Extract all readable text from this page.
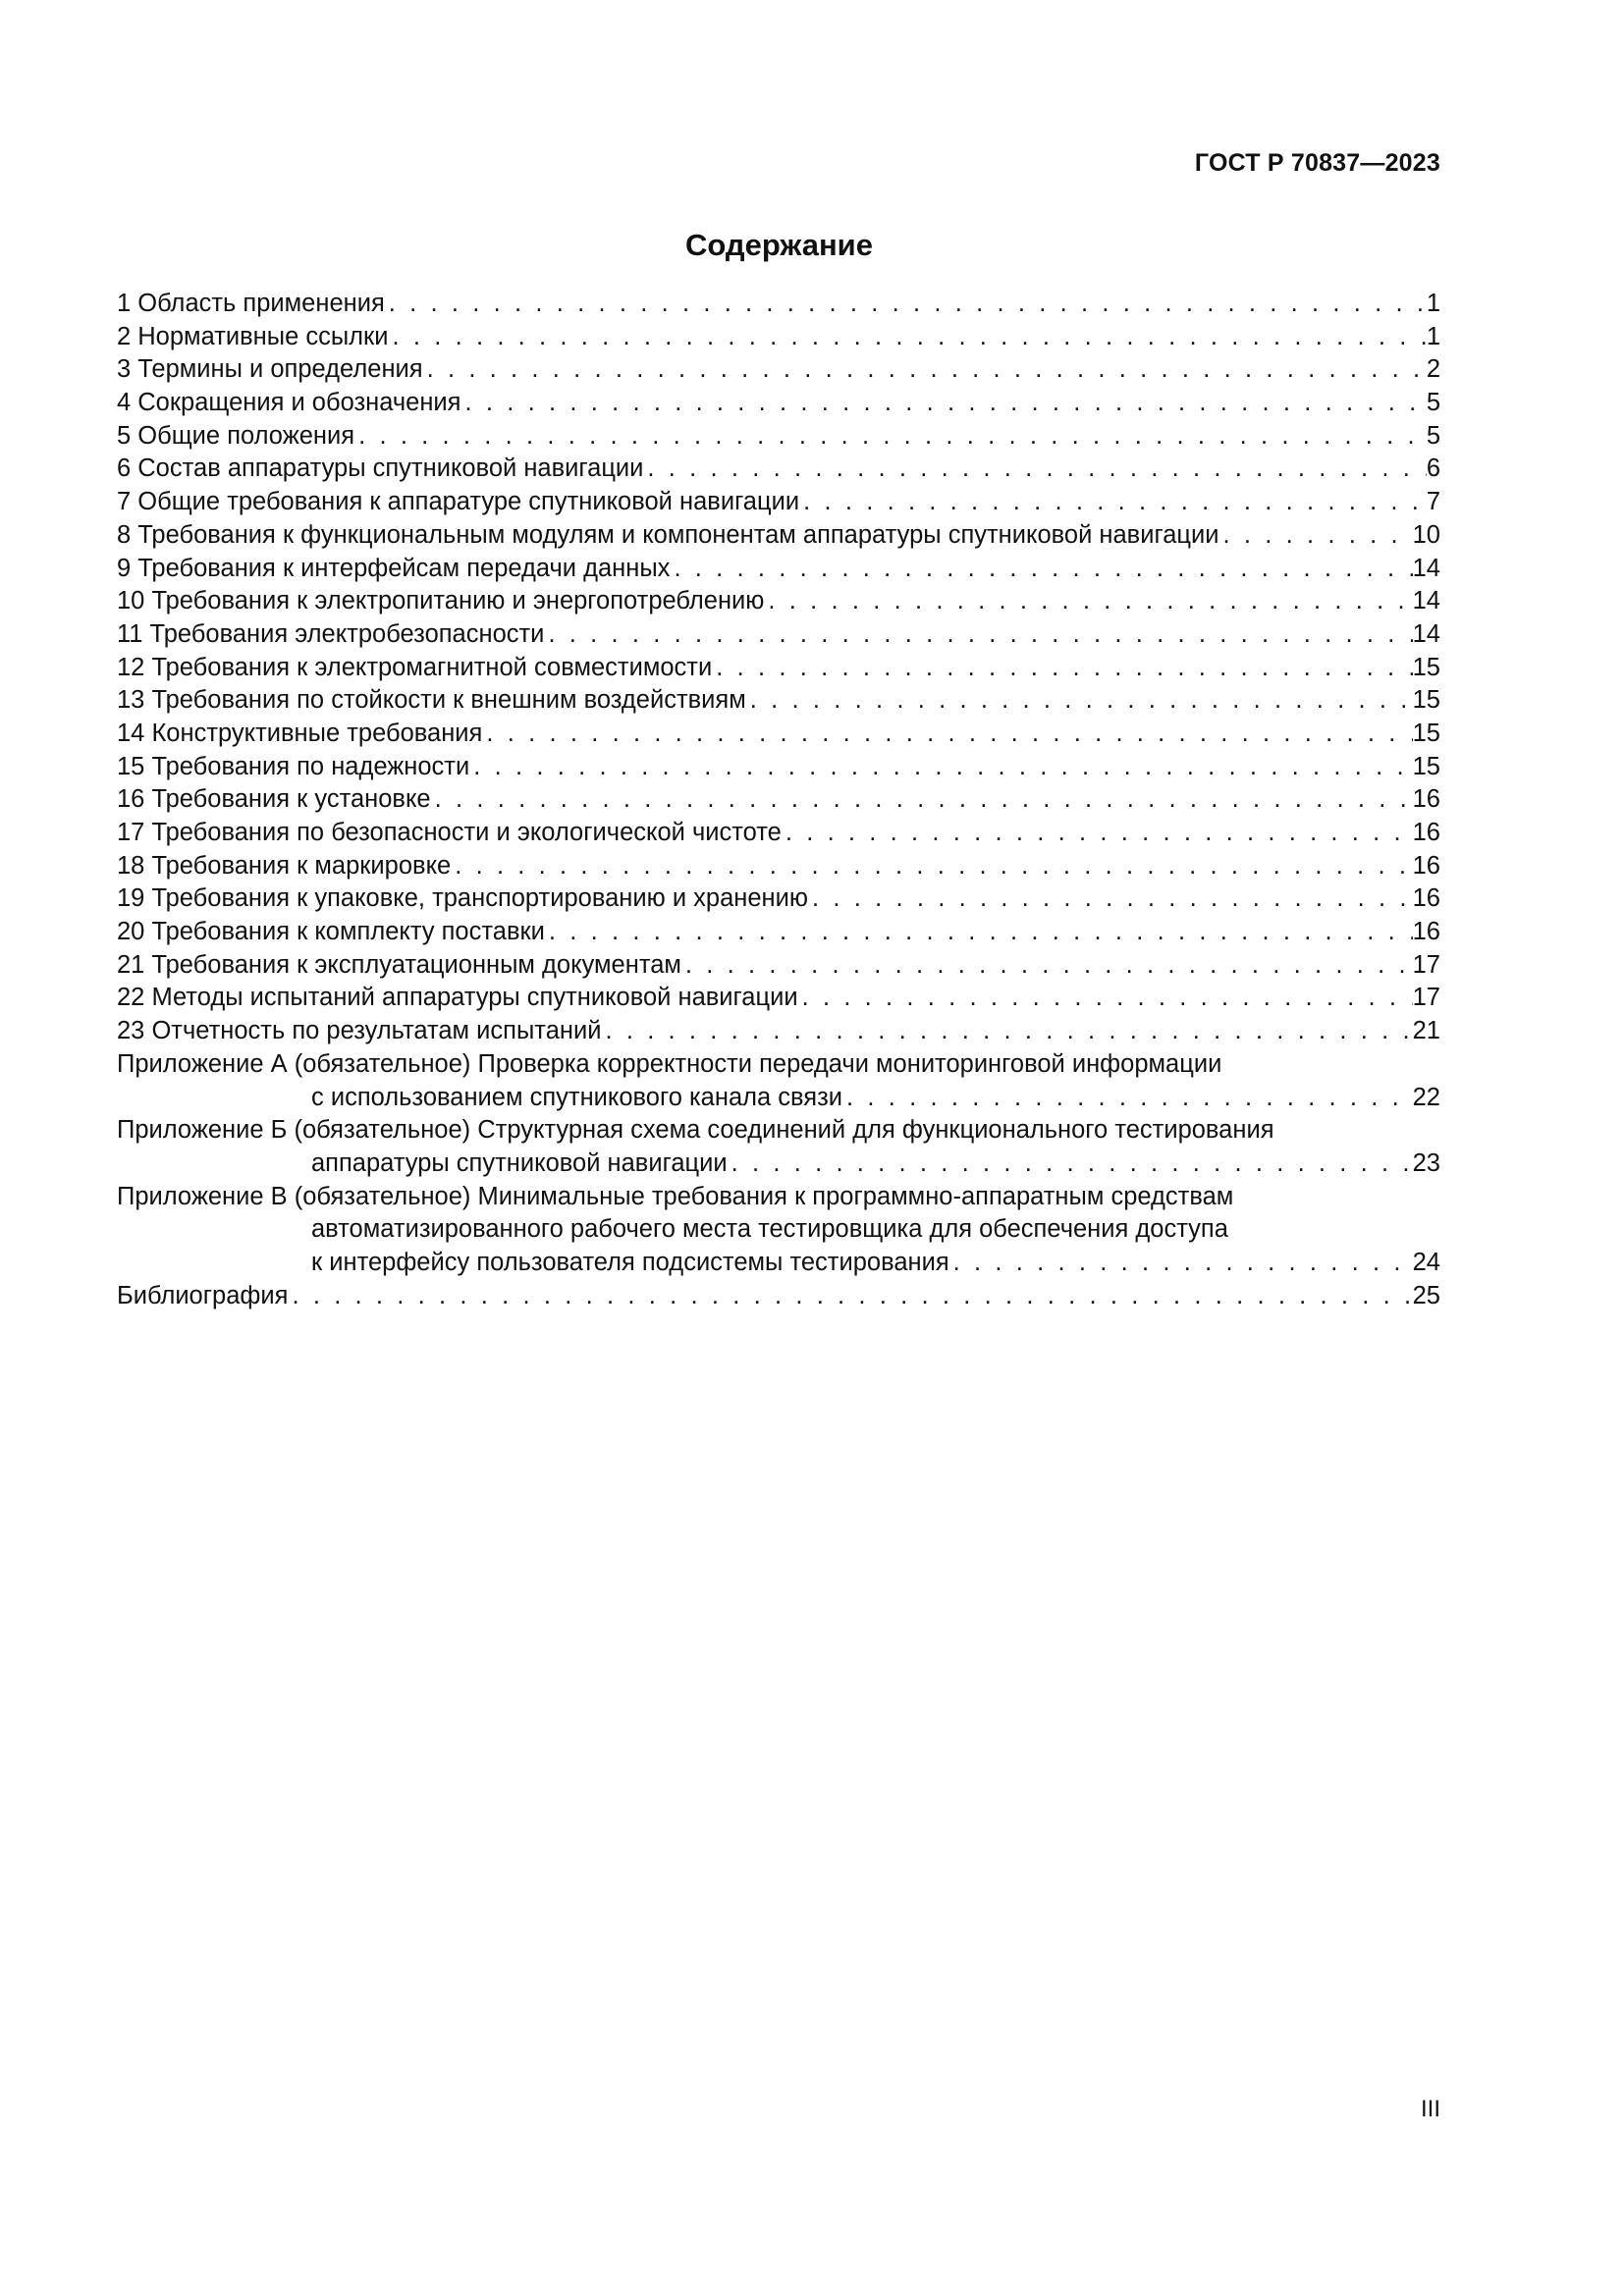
ГОСТ Р 70837—2023
Содержание
1 Область применения . . .	1
2 Нормативные ссылки . . .	1
3 Термины и определения . . .	2
4 Сокращения и обозначения . . .	5
5 Общие положения . . .	5
6 Состав аппаратуры спутниковой навигации . . .	6
7 Общие требования к аппаратуре спутниковой навигации . . .	7
8 Требования к функциональным модулям и компонентам аппаратуры спутниковой навигации . . .	10
9 Требования к интерфейсам передачи данных . . .	14
10 Требования к электропитанию и энергопотреблению . . .	14
11 Требования электробезопасности . . .	14
12 Требования к электромагнитной совместимости . . .	15
13 Требования по стойкости к внешним воздействиям . . .	15
14 Конструктивные требования . . .	15
15 Требования по надежности . . .	15
16 Требования к установке . . .	16
17 Требования по безопасности и экологической чистоте . . .	16
18 Требования к маркировке . . .	16
19 Требования к упаковке, транспортированию и хранению . . .	16
20 Требования к комплекту поставки . . .	16
21 Требования к эксплуатационным документам . . .	17
22 Методы испытаний аппаратуры спутниковой навигации . . .	17
23 Отчетность по результатам испытаний . . .	21
Приложение А (обязательное) Проверка корректности передачи мониторинговой информации
с использованием спутникового канала связи . . .	22
Приложение Б (обязательное) Структурная схема соединений для функционального тестирования
аппаратуры спутниковой навигации . . .	23
Приложение В (обязательное) Минимальные требования к программно-аппаратным средствам
автоматизированного рабочего места тестировщика для обеспечения доступа
к интерфейсу пользователя подсистемы тестирования . . .	24
Библиография . . .	25
III
